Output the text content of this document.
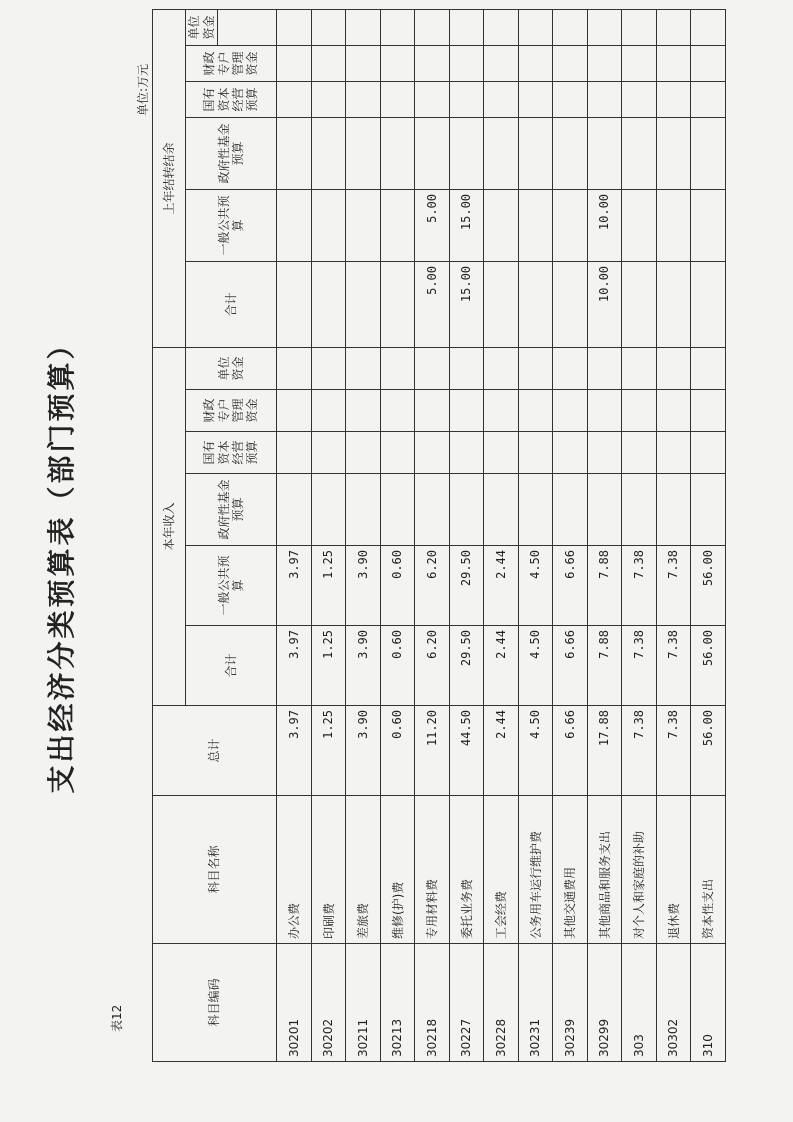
支出经济分类预算表（部门预算）
表12
单位:万元
科目编码	科目名称	总计	本年收入						上年结转结余					
			合计	一般公共预算	政府性基金预算	国有资本经营预算	财政专户管理资金	单位资金	合计	一般公共预算	政府性基金预算	国有资本经营预算	财政专户管理资金	单位资金

30201	办公费	3.97	3.97	3.97										
30202	印刷费	1.25	1.25	1.25										
30211	差旅费	3.90	3.90	3.90										
30213	维修(护)费	0.60	0.60	0.60										
30218	专用材料费	11.20	6.20	6.20					5.00	5.00				
30227	委托业务费	44.50	29.50	29.50					15.00	15.00				
30228	工会经费	2.44	2.44	2.44										
30231	公务用车运行维护费	4.50	4.50	4.50										
30239	其他交通费用	6.66	6.66	6.66										
30299	其他商品和服务支出	17.88	7.88	7.88					10.00	10.00				
303	对个人和家庭的补助	7.38	7.38	7.38										
30302	退休费	7.38	7.38	7.38										
310	资本性支出	56.00	56.00	56.00										
